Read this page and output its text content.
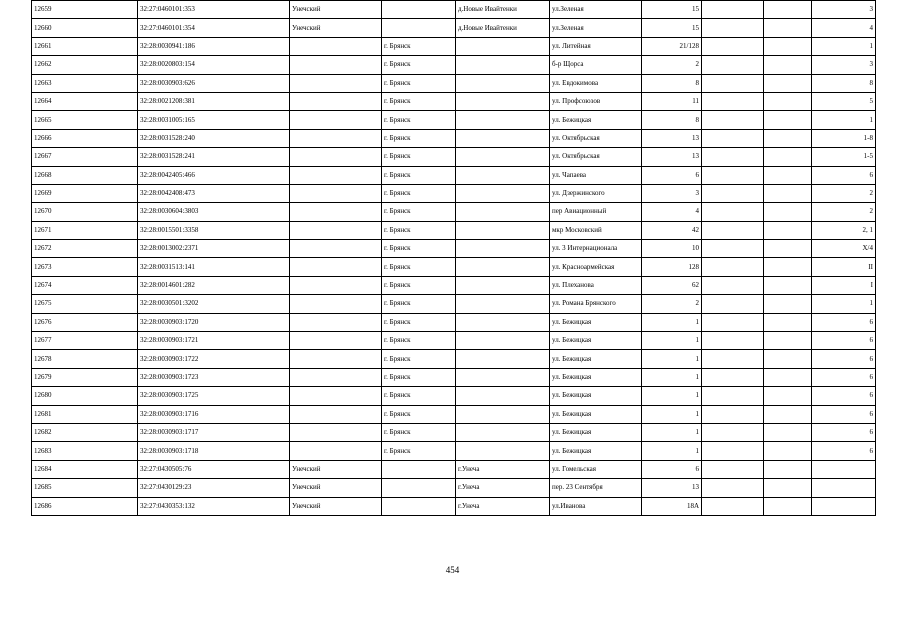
12659	32:27:0460101:353	Унечский		д.Новые Ивайтенки	ул.Зеленая	15			3
12660	32:27:0460101:354	Унечский		д.Новые Ивайтенки	ул.Зеленая	15			4
12661	32:28:0030941:186		г. Брянск		ул. Литейная	21/128			1
12662	32:28:0020803:154		г. Брянск		б-р Щорса	2			3
12663	32:28:0030903:626		г. Брянск		ул. Евдокимова	8			8
12664	32:28:0021208:381		г. Брянск		ул. Профсоюзов	11			5
12665	32:28:0031005:165		г. Брянск		ул. Бежицкая	8			1
12666	32:28:0031528:240		г. Брянск		ул. Октябрьская	13			1-8
12667	32:28:0031528:241		г. Брянск		ул. Октябрьская	13			1-5
12668	32:28:0042405:466		г. Брянск		ул. Чапаева	6			6
12669	32:28:0042408:473		г. Брянск		ул. Дзержинского	3			2
12670	32:28:0030604:3803		г. Брянск		пер Авиационный	4			2
12671	32:28:0015501:3358		г. Брянск		мкр Московский	42			2, 1
12672	32:28:0013002:2371		г. Брянск		ул. 3 Интернационала	10			Х/4
12673	32:28:0031513:141		г. Брянск		ул. Красноармейская	128			II
12674	32:28:0014601:282		г. Брянск		ул. Плеханова	62			I
12675	32:28:0030501:3202		г. Брянск		ул. Романа Брянского	2			1
12676	32:28:0030903:1720		г. Брянск		ул. Бежицкая	1			6
12677	32:28:0030903:1721		г. Брянск		ул. Бежицкая	1			6
12678	32:28:0030903:1722		г. Брянск		ул. Бежицкая	1			6
12679	32:28:0030903:1723		г. Брянск		ул. Бежицкая	1			6
12680	32:28:0030903:1725		г. Брянск		ул. Бежицкая	1			6
12681	32:28:0030903:1716		г. Брянск		ул. Бежицкая	1			6
12682	32:28:0030903:1717		г. Брянск		ул. Бежицкая	1			6
12683	32:28:0030903:1718		г. Брянск		ул. Бежицкая	1			6
12684	32:27:0430505:76	Унечский		г.Унеча	ул. Гомельская	6			
12685	32:27:0430129:23	Унечский		г.Унеча	пер. 23 Сентября	13			
12686	32:27:0430353:132	Унечский		г.Унеча	ул.Иванова	18А			
454
